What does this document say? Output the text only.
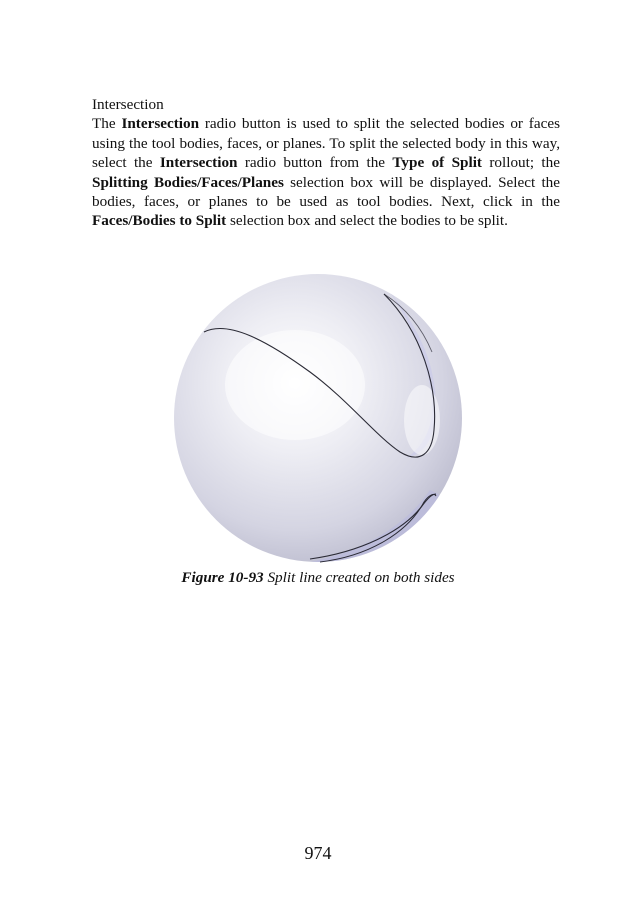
Intersection

The Intersection radio button is used to split the selected bodies or faces using the tool bodies, faces, or planes. To split the selected body in this way, select the Intersection radio button from the Type of Split rollout; the Splitting Bodies/Faces/Planes selection box will be displayed. Select the bodies, faces, or planes to be used as tool bodies. Next, click in the Faces/Bodies to Split selection box and select the bodies to be split.

Figure 10-93 Split line created on both sides
974
